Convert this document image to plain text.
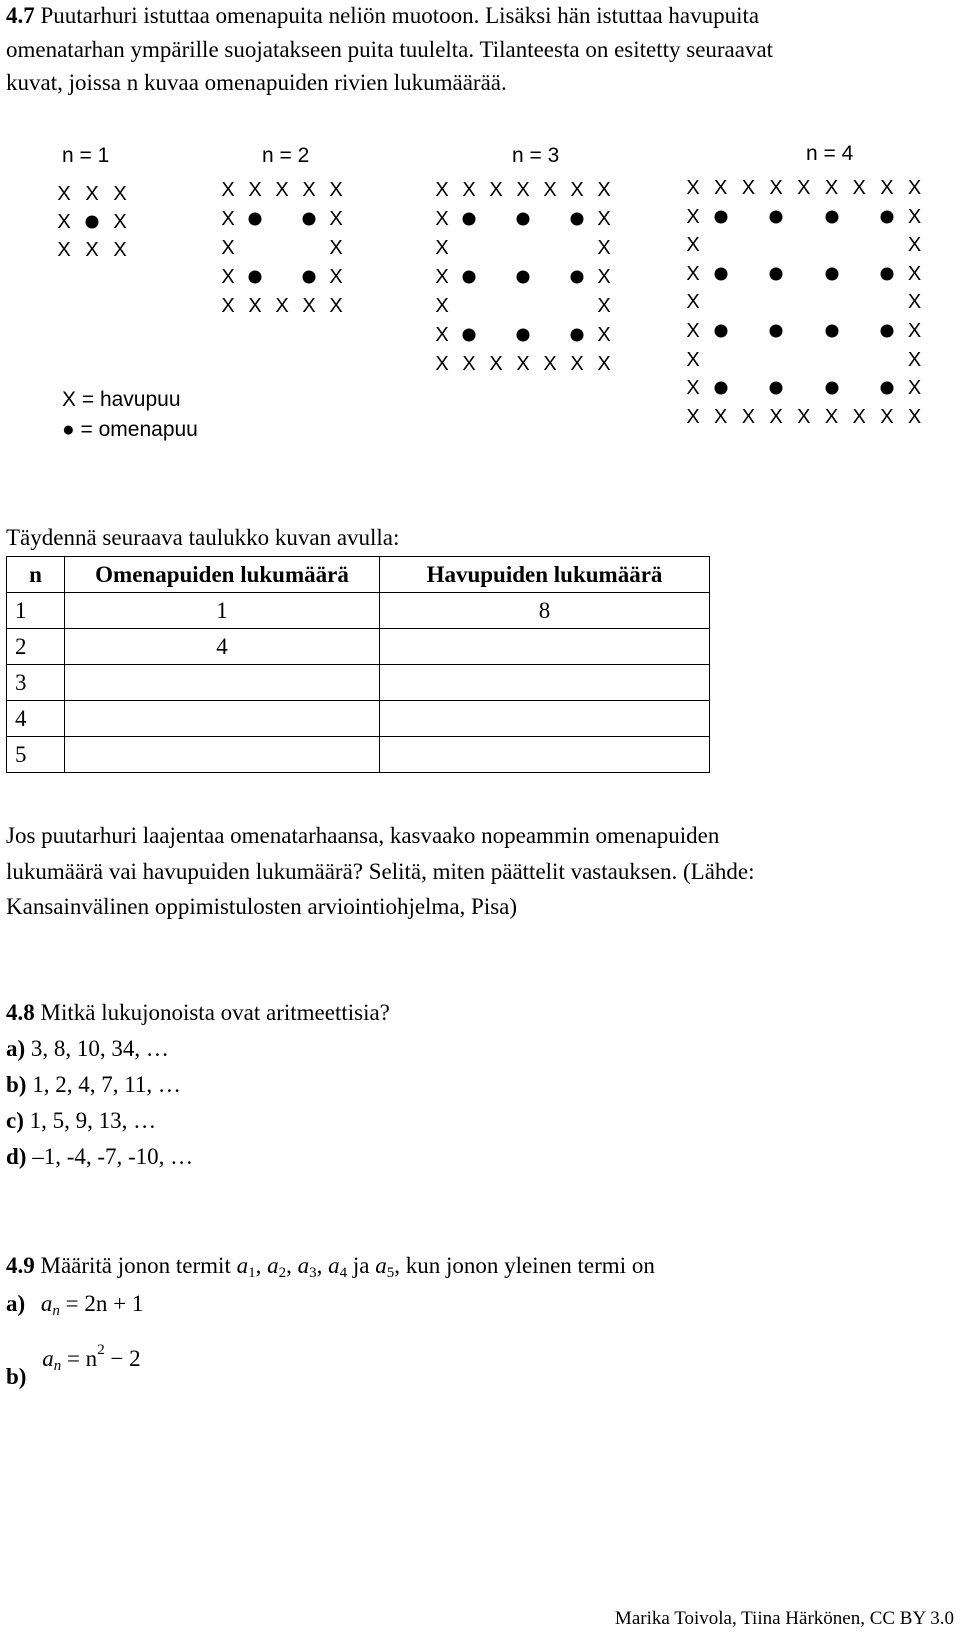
4.7 Puutarhuri istuttaa omenapuita neliön muotoon. Lisäksi hän istuttaa havupuita
omenatarhan ympärille suojatakseen puita tuulelta. Tilanteesta on esitetty seuraavat
kuvat, joissa n kuvaa omenapuiden rivien lukumäärää.
n = 1	n = 2	n = 3	n = 4
X = havupuu
● = omenapuu
X X X
X X
X X X
X X X X X
X	X
X	X
X	X
X X X X X
X X X X X X X
X	X
X	X
X	X
X	X
X	X
X X X X X X X
X X X X X X X X X
X	X
X	X
X	X
X	X
X	X
X	X
X	X
X X X X X X X X X
Täydennä seuraava taulukko kuvan avulla:
n	Omenapuiden lukumäärä	Havupuiden lukumäärä
1	1	8
2	4	
3		
4		
5		
Jos puutarhuri laajentaa omenatarhaansa, kasvaako nopeammin omenapuiden
lukumäärä vai havupuiden lukumäärä? Selitä, miten päättelit vastauksen. (Lähde:
Kansainvälinen oppimistulosten arviointiohjelma, Pisa)
4.8 Mitkä lukujonoista ovat aritmeettisia?
a) 3, 8, 10, 34, …
b) 1, 2, 4, 7, 11, …
c) 1, 5, 9, 13, …
d) –1, -4, -7, -10, …
4.9 Määritä jonon termit $a_1$, $a_2$, $a_3$, $a_4$ ja $a_5$, kun jonon yleinen termi on
a) $a_n = 2n + 1$
b) $a_n = n^2 - 2$
Marika Toivola, Tiina Härkönen, CC BY 3.0
